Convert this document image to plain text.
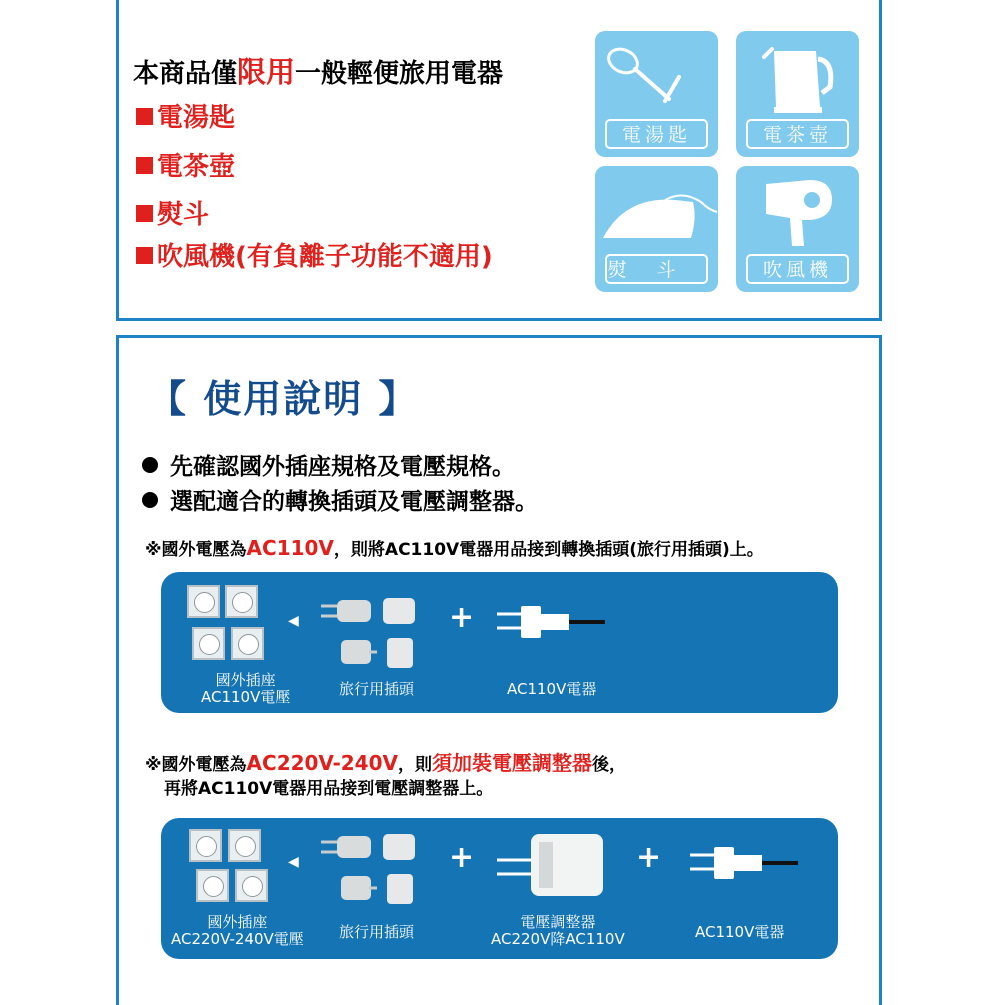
本商品僅限用一般輕便旅用電器
電湯匙
電茶壺
熨斗
吹風機(有負離子功能不適用)
電湯匙	電茶壺
熨斗	吹風機
【 使用說明 】
先確認國外插座規格及電壓規格。
選配適合的轉換插頭及電壓調整器。
※國外電壓為AC110V，則將AC110V電器用品接到轉換插頭(旅行用插頭)上。
◀	+
國外插座
AC110V電壓	旅行用插頭	AC110V電器
※國外電壓為AC220V-240V，則須加裝電壓調整器後，
再將AC110V電器用品接到電壓調整器上。
◀	+	+
國外插座
AC220V-240V電壓 旅行用插頭
電壓調整器
AC220V降AC110V	AC110V電器
